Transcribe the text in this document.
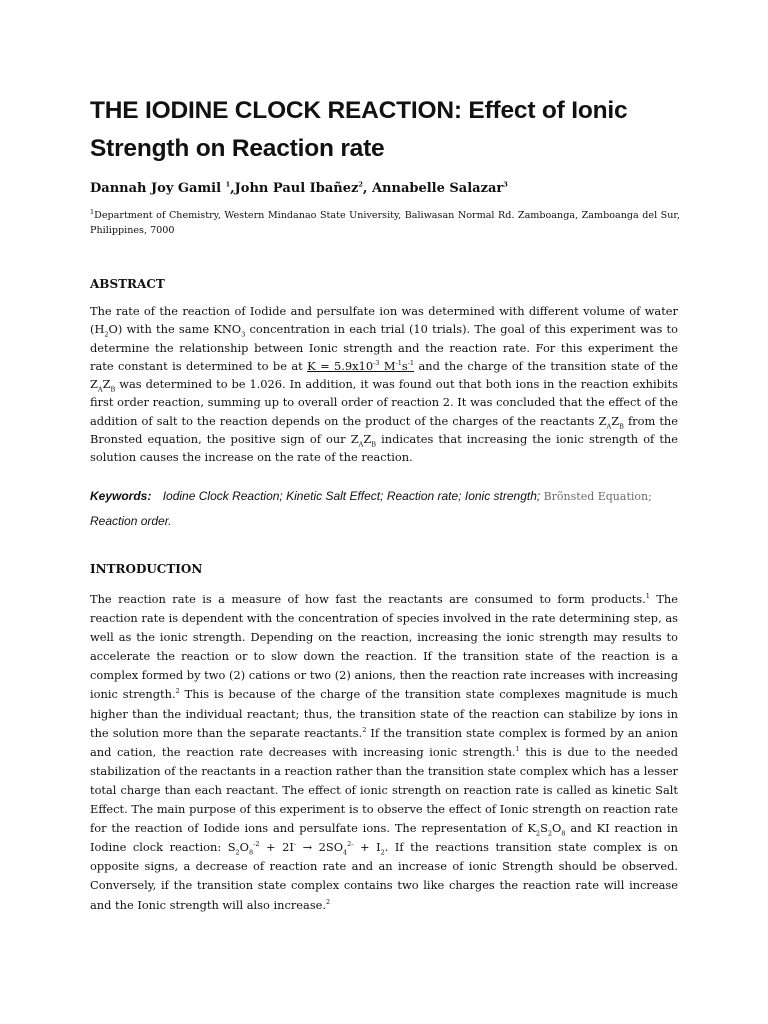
THE IODINE CLOCK REACTION: Effect of Ionic Strength on Reaction rate

Dannah Joy Gamil $^1$,John Paul Ibañez$^2$, Annabelle Salazar$^3$

$^1$Department of Chemistry, Western Mindanao State University, Baliwasan Normal Rd. Zamboanga, Zamboanga del Sur, Philippines, 7000

ABSTRACT

The rate of the reaction of Iodide and persulfate ion was determined with different volume of water $(H_2O)$ with the same $KNO_3$ concentration in each trial (10 trials). The goal of this experiment was to determine the relationship between Ionic strength and the reaction rate. For this experiment the rate constant is determined to be at $K = 5.9x10^{-3}$ $M^{-1}s^{-1}$ and the charge of the transition state of the $Z_AZ_B$ was determined to be 1.026. In addition, it was found out that both ions in the reaction exhibits first order reaction, summing up to overall order of reaction 2. It was concluded that the effect of the addition of salt to the reaction depends on the product of the charges of the reactants $Z_AZ_B$ from the Bronsted equation, the positive sign of our $Z_AZ_B$ indicates that increasing the ionic strength of the solution causes the increase on the rate of the reaction.

Keywords: Iodine Clock Reaction; Kinetic Salt Effect; Reaction rate; Ionic strength; Brõnsted Equation; Reaction order.

INTRODUCTION

The reaction rate is a measure of how fast the reactants are consumed to form products.$^1$ The reaction rate is dependent with the concentration of species involved in the rate determining step, as well as the ionic strength. Depending on the reaction, increasing the ionic strength may results to accelerate the reaction or to slow down the reaction. If the transition state of the reaction is a complex formed by two (2) cations or two (2) anions, then the reaction rate increases with increasing ionic strength.$^2$ This is because of the charge of the transition state complexes magnitude is much higher than the individual reactant; thus, the transition state of the reaction can stabilize by ions in the solution more than the separate reactants.$^2$ If the transition state complex is formed by an anion and cation, the reaction rate decreases with increasing ionic strength.$^1$ this is due to the needed stabilization of the reactants in a reaction rather than the transition state complex which has a lesser total charge than each reactant. The effect of ionic strength on reaction rate is called as kinetic Salt Effect. The main purpose of this experiment is to observe the effect of Ionic strength on reaction rate for the reaction of Iodide ions and persulfate ions. The representation of $K_2S_2O_8$ and KI reaction in Iodine clock reaction: $S_2O_8^{-2} + 2I^- \to 2SO_4^{2-} + I_2$. If the reactions transition state complex is on opposite signs, a decrease of reaction rate and an increase of ionic Strength should be observed. Conversely, if the transition state complex contains two like charges the reaction rate will increase and the Ionic strength will also increase.$^2$
